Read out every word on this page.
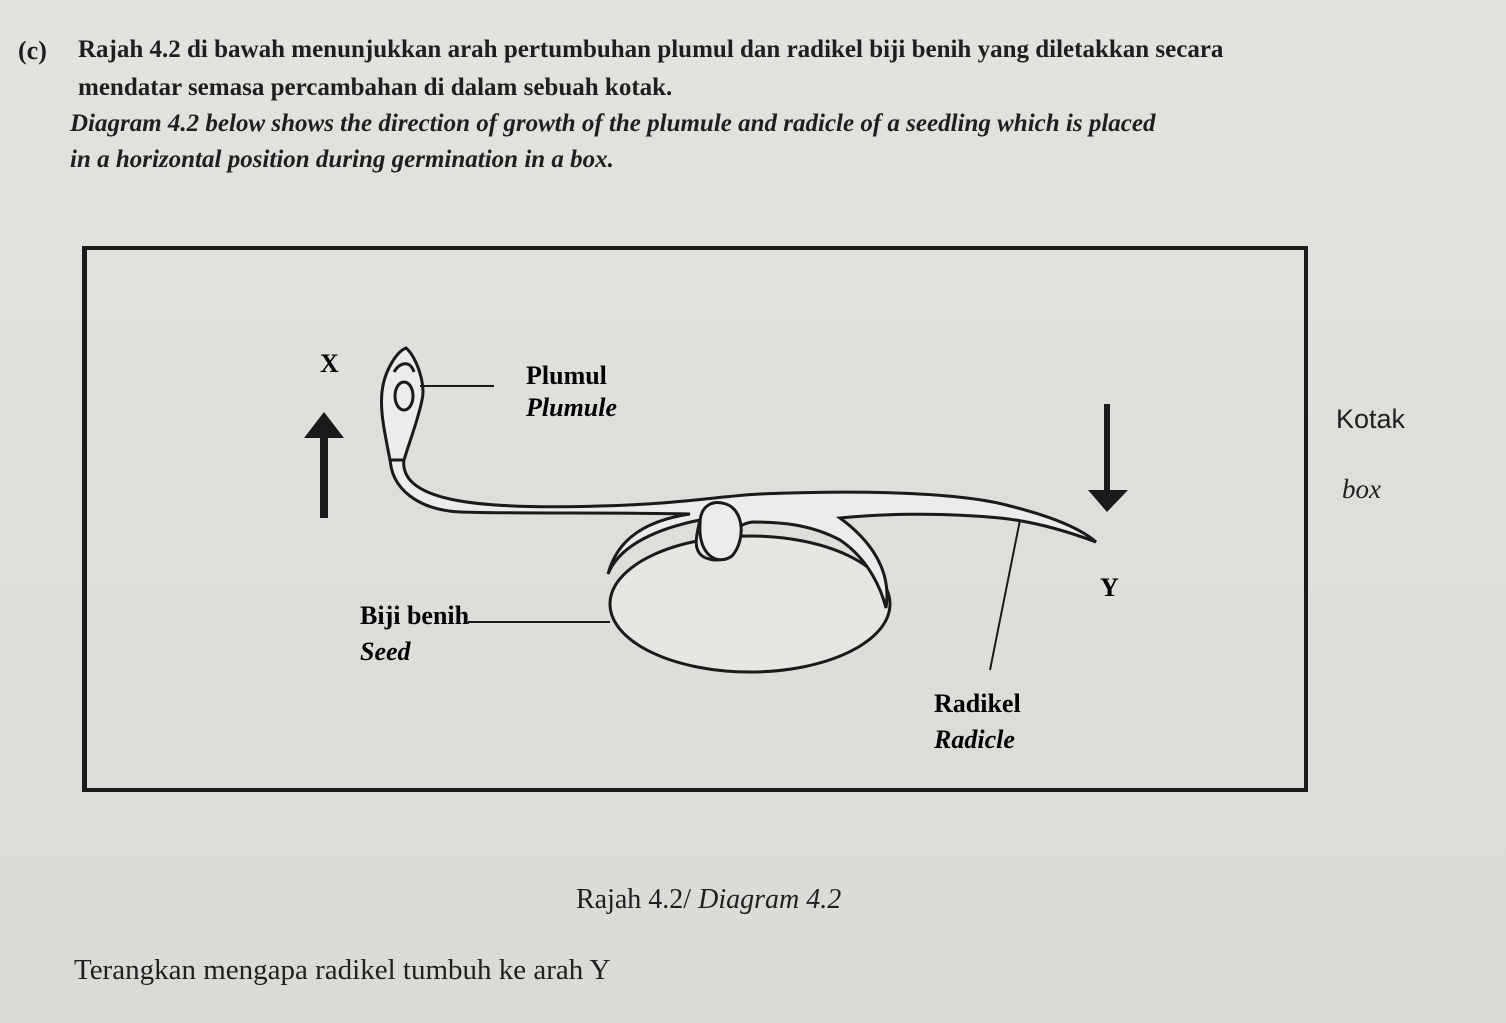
(c) Rajah 4.2 di bawah menunjukkan arah pertumbuhan plumul dan radikel biji benih yang diletakkan secara
mendatar semasa percambahan di dalam sebuah kotak.
Diagram 4.2 below shows the direction of growth of the plumule and radicle of a seedling which is placed
in a horizontal position during germination in a box.
X
Y
Plumul
Plumule
Biji benih
Seed
Radikel
Radicle
Kotak
box
Rajah 4.2/ Diagram 4.2
Terangkan mengapa radikel tumbuh ke arah Y
